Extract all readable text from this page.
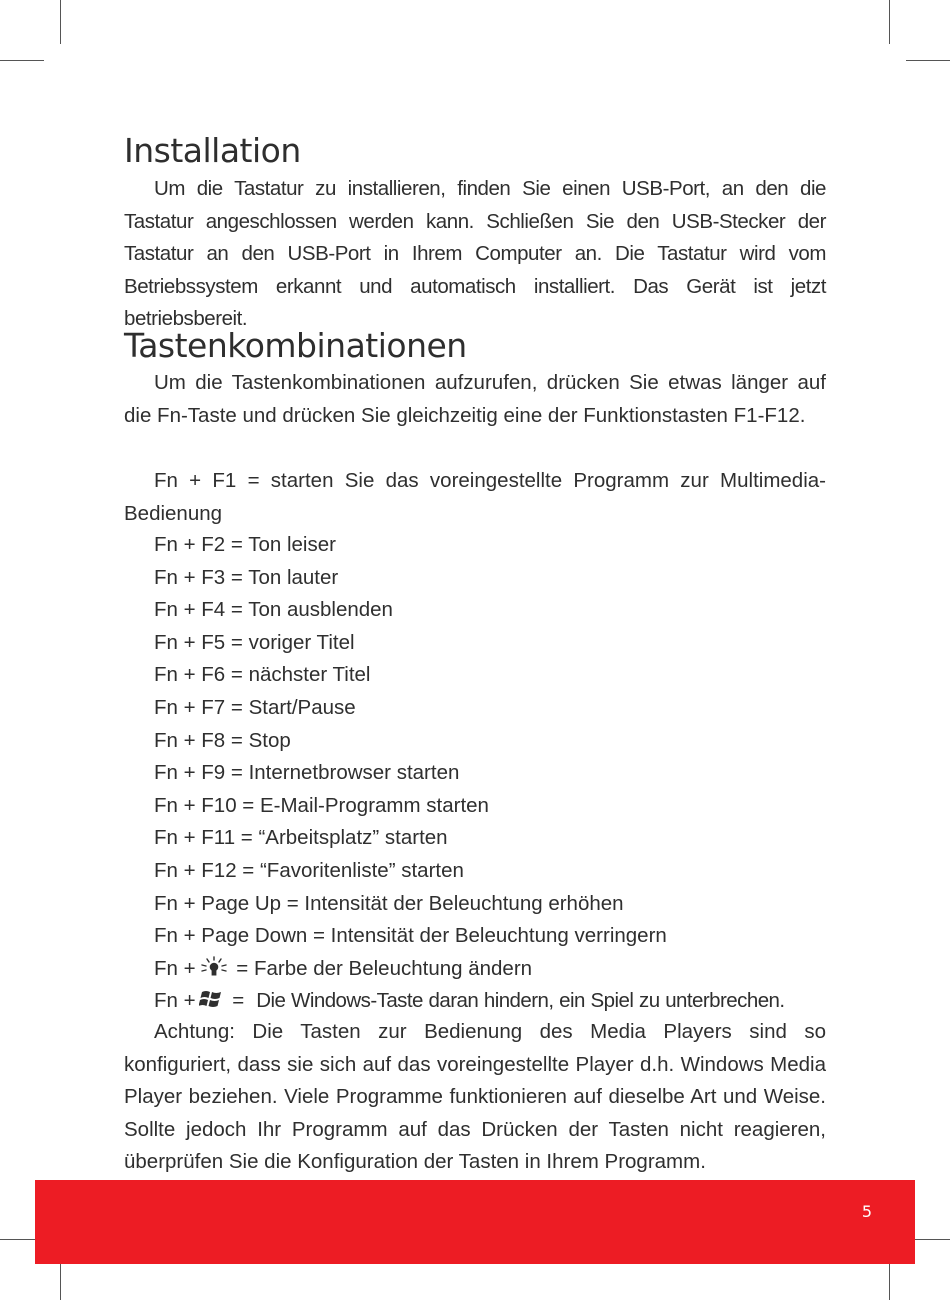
Installation

Um die Tastatur zu installieren, finden Sie einen USB-Port, an den die Tastatur angeschlossen werden kann. Schließen Sie den USB-Stecker der Tastatur an den USB-Port in Ihrem Computer an. Die Tastatur wird vom Betriebssystem erkannt und automatisch installiert. Das Gerät ist jetzt betriebsbereit.

Tastenkombinationen

Um die Tastenkombinationen aufzurufen, drücken Sie etwas länger auf die Fn-Taste und drücken Sie gleichzeitig eine der Funktionstasten F1-F12.

Fn + F1 = starten Sie das voreingestellte Programm zur Multimedia-Bedienung

Fn + F2 = Ton leiser
Fn + F3 = Ton lauter
Fn + F4 = Ton ausblenden
Fn + F5 = voriger Titel
Fn + F6 = nächster Titel
Fn + F7 = Start/Pause
Fn + F8 = Stop
Fn + F9 = Internetbrowser starten
Fn + F10 = E-Mail-Programm starten
Fn + F11 = “Arbeitsplatz” starten
Fn + F12 = “Favoritenliste” starten
Fn + Page Up = Intensität der Beleuchtung erhöhen
Fn + Page Down = Intensität der Beleuchtung verringern
Fn + = Farbe der Beleuchtung ändern
Fn + = Die Windows-Taste daran hindern, ein Spiel zu unterbrechen.

Achtung: Die Tasten zur Bedienung des Media Players sind so konfiguriert, dass sie sich auf das voreingestellte Player d.h. Windows Media Player beziehen. Viele Programme funktionieren auf dieselbe Art und Weise. Sollte jedoch Ihr Programm auf das Drücken der Tasten nicht reagieren, überprüfen Sie die Konfiguration der Tasten in Ihrem Programm.

5
